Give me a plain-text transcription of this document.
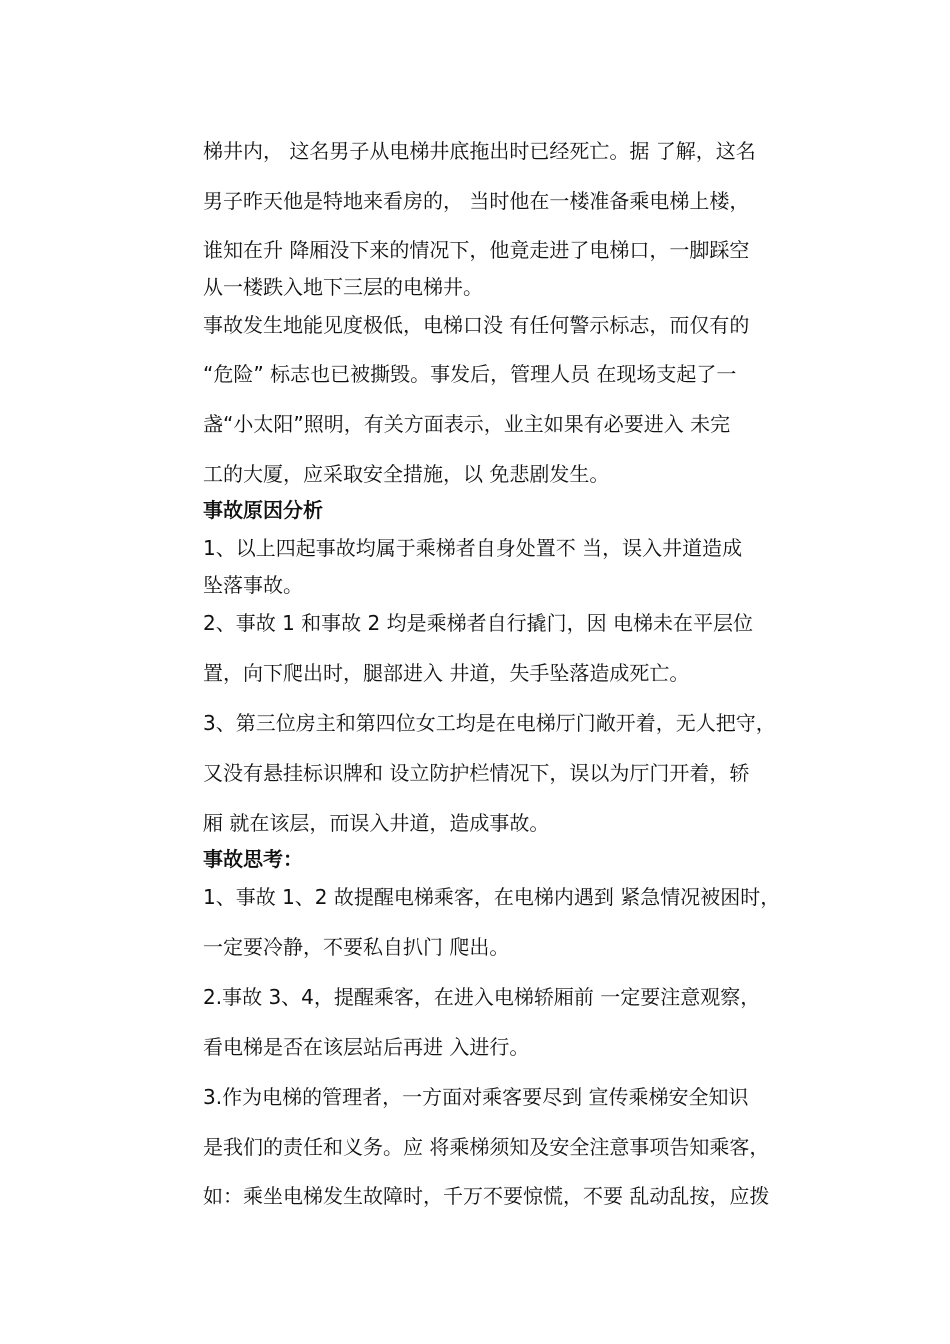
梯井内， 这名男子从电梯井底拖出时已经死亡。据 了解，这名
男子昨天他是特地来看房的， 当时他在一楼准备乘电梯上楼，
谁知在升 降厢没下来的情况下，他竟走进了电梯口，一脚踩空
从一楼跌入地下三层的电梯井。
事故发生地能见度极低，电梯口没 有任何警示标志，而仅有的
“危险” 标志也已被撕毁。事发后，管理人员 在现场支起了一
盏“小太阳”照明，有关方面表示，业主如果有必要进入 未完
工的大厦，应采取安全措施，以 免悲剧发生。
事故原因分析
1、以上四起事故均属于乘梯者自身处置不 当，误入井道造成
坠落事故。
2、事故 1 和事故 2 均是乘梯者自行撬门，因 电梯未在平层位
置，向下爬出时，腿部进入 井道，失手坠落造成死亡。
3、第三位房主和第四位女工均是在电梯厅门敞开着，无人把守，
又没有悬挂标识牌和 设立防护栏情况下，误以为厅门开着，轿
厢 就在该层，而误入井道，造成事故。
事故思考：
1、事故 1、2 故提醒电梯乘客，在电梯内遇到 紧急情况被困时，
一定要冷静，不要私自扒门 爬出。
2.事故 3、4，提醒乘客，在进入电梯轿厢前 一定要注意观察，
看电梯是否在该层站后再进 入进行。
3.作为电梯的管理者，一方面对乘客要尽到 宣传乘梯安全知识
是我们的责任和义务。应 将乘梯须知及安全注意事项告知乘客，
如：乘坐电梯发生故障时，千万不要惊慌，不要 乱动乱按，应拨
